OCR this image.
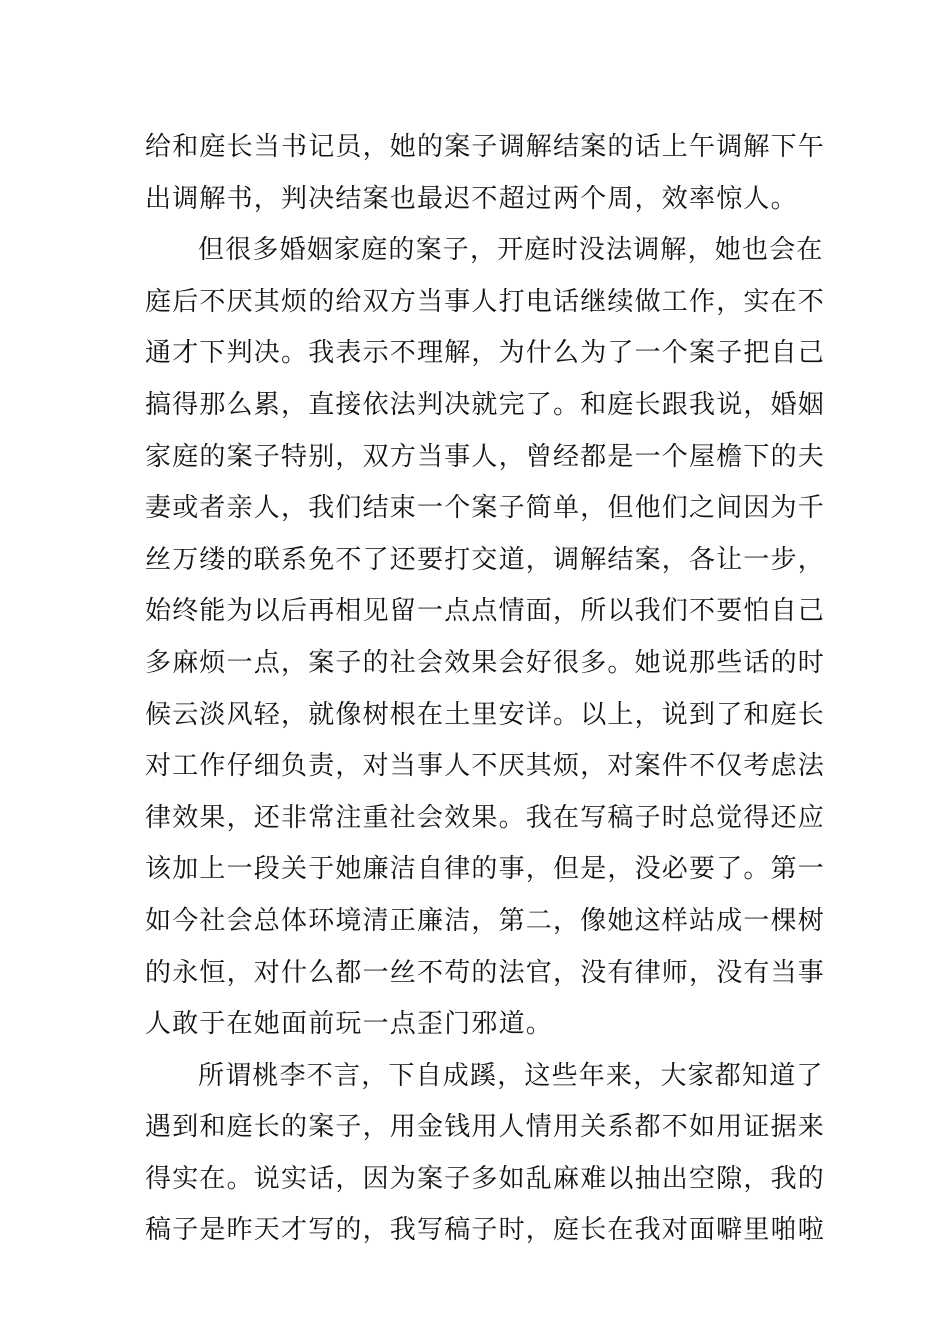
给和庭长当书记员，她的案子调解结案的话上午调解下午
出调解书，判决结案也最迟不超过两个周，效率惊人。
但很多婚姻家庭的案子，开庭时没法调解，她也会在
庭后不厌其烦的给双方当事人打电话继续做工作，实在不
通才下判决。我表示不理解，为什么为了一个案子把自己
搞得那么累，直接依法判决就完了。和庭长跟我说，婚姻
家庭的案子特别，双方当事人，曾经都是一个屋檐下的夫
妻或者亲人，我们结束一个案子简单，但他们之间因为千
丝万缕的联系免不了还要打交道，调解结案，各让一步，
始终能为以后再相见留一点点情面，所以我们不要怕自己
多麻烦一点，案子的社会效果会好很多。她说那些话的时
候云淡风轻，就像树根在土里安详。以上，说到了和庭长
对工作仔细负责，对当事人不厌其烦，对案件不仅考虑法
律效果，还非常注重社会效果。我在写稿子时总觉得还应
该加上一段关于她廉洁自律的事，但是，没必要了。第一
如今社会总体环境清正廉洁，第二，像她这样站成一棵树
的永恒，对什么都一丝不苟的法官，没有律师，没有当事
人敢于在她面前玩一点歪门邪道。
所谓桃李不言，下自成蹊，这些年来，大家都知道了
遇到和庭长的案子，用金钱用人情用关系都不如用证据来
得实在。说实话，因为案子多如乱麻难以抽出空隙，我的
稿子是昨天才写的，我写稿子时，庭长在我对面噼里啪啦
